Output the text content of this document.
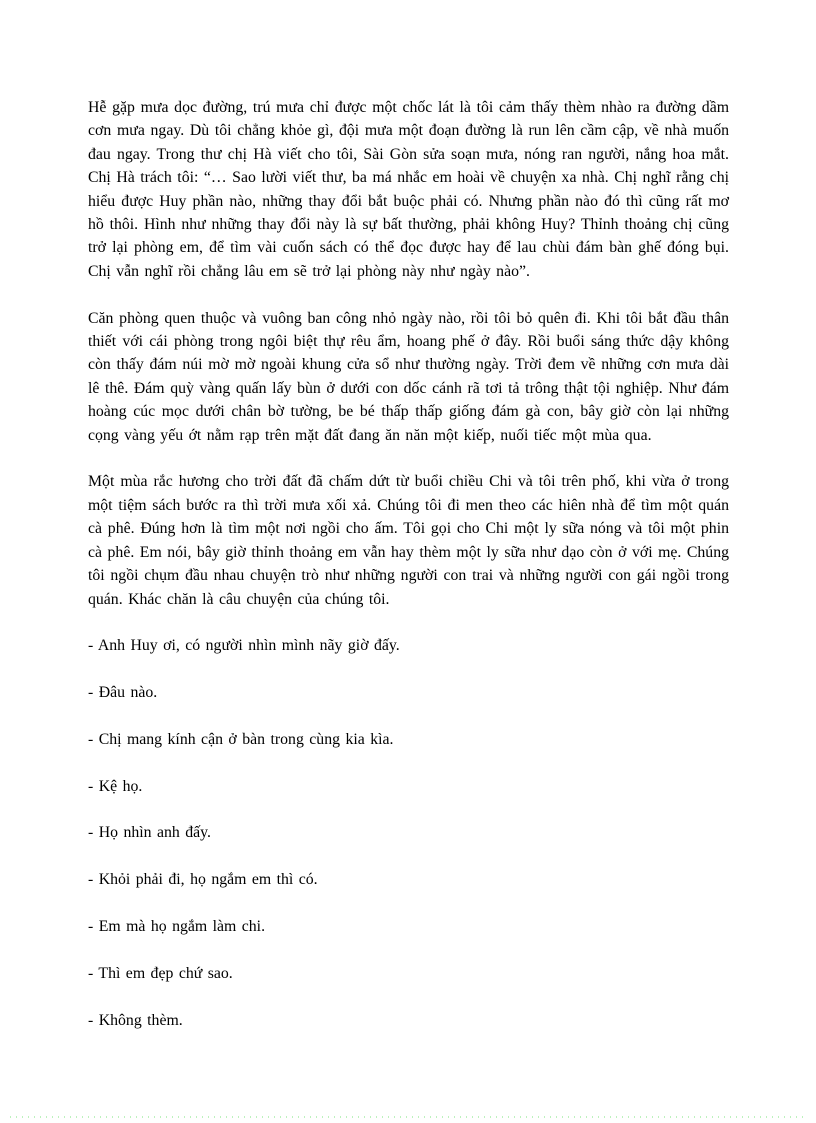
Hễ gặp mưa dọc đường, trú mưa chỉ được một chốc lát là tôi cảm thấy thèm nhào ra đường dầm cơn mưa ngay. Dù tôi chẳng khỏe gì, đội mưa một đoạn đường là run lên cầm cập, về nhà muốn đau ngay. Trong thư chị Hà viết cho tôi, Sài Gòn sửa soạn mưa, nóng ran người, nắng hoa mắt. Chị Hà trách tôi: “… Sao lười viết thư, ba má nhắc em hoài về chuyện xa nhà. Chị nghĩ rằng chị hiểu được Huy phần nào, những thay đổi bắt buộc phải có. Nhưng phần nào đó thì cũng rất mơ hồ thôi. Hình như những thay đổi này là sự bất thường, phải không Huy? Thỉnh thoảng chị cũng trở lại phòng em, để tìm vài cuốn sách có thể đọc được hay để lau chùi đám bàn ghế đóng bụi. Chị vẫn nghĩ rồi chẳng lâu em sẽ trở lại phòng này như ngày nào”.

Căn phòng quen thuộc và vuông ban công nhỏ ngày nào, rồi tôi bỏ quên đi. Khi tôi bắt đầu thân thiết với cái phòng trong ngôi biệt thự rêu ẩm, hoang phế ở đây. Rồi buổi sáng thức dậy không còn thấy đám núi mờ mờ ngoài khung cửa sổ như thường ngày. Trời đem về những cơn mưa dài lê thê. Đám quỳ vàng quấn lấy bùn ở dưới con dốc cánh rã tơi tả trông thật tội nghiệp. Như đám hoàng cúc mọc dưới chân bờ tường, be bé thấp thấp giống đám gà con, bây giờ còn lại những cọng vàng yếu ớt nằm rạp trên mặt đất đang ăn năn một kiếp, nuối tiếc một mùa qua.

Một mùa rắc hương cho trời đất đã chấm dứt từ buổi chiều Chi và tôi trên phố, khi vừa ở trong một tiệm sách bước ra thì trời mưa xối xả. Chúng tôi đi men theo các hiên nhà để tìm một quán cà phê. Đúng hơn là tìm một nơi ngồi cho ấm. Tôi gọi cho Chi một ly sữa nóng và tôi một phin cà phê. Em nói, bây giờ thỉnh thoảng em vẫn hay thèm một ly sữa như dạo còn ở với mẹ. Chúng tôi ngồi chụm đầu nhau chuyện trò như những người con trai và những người con gái ngồi trong quán. Khác chăn là câu chuyện của chúng tôi.

- Anh Huy ơi, có người nhìn mình nãy giờ đấy.

- Đâu nào.

- Chị mang kính cận ở bàn trong cùng kia kìa.

- Kệ họ.

- Họ nhìn anh đấy.

- Khỏi phải đi, họ ngắm em thì có.

- Em mà họ ngắm làm chi.

- Thì em đẹp chứ sao.

- Không thèm.
